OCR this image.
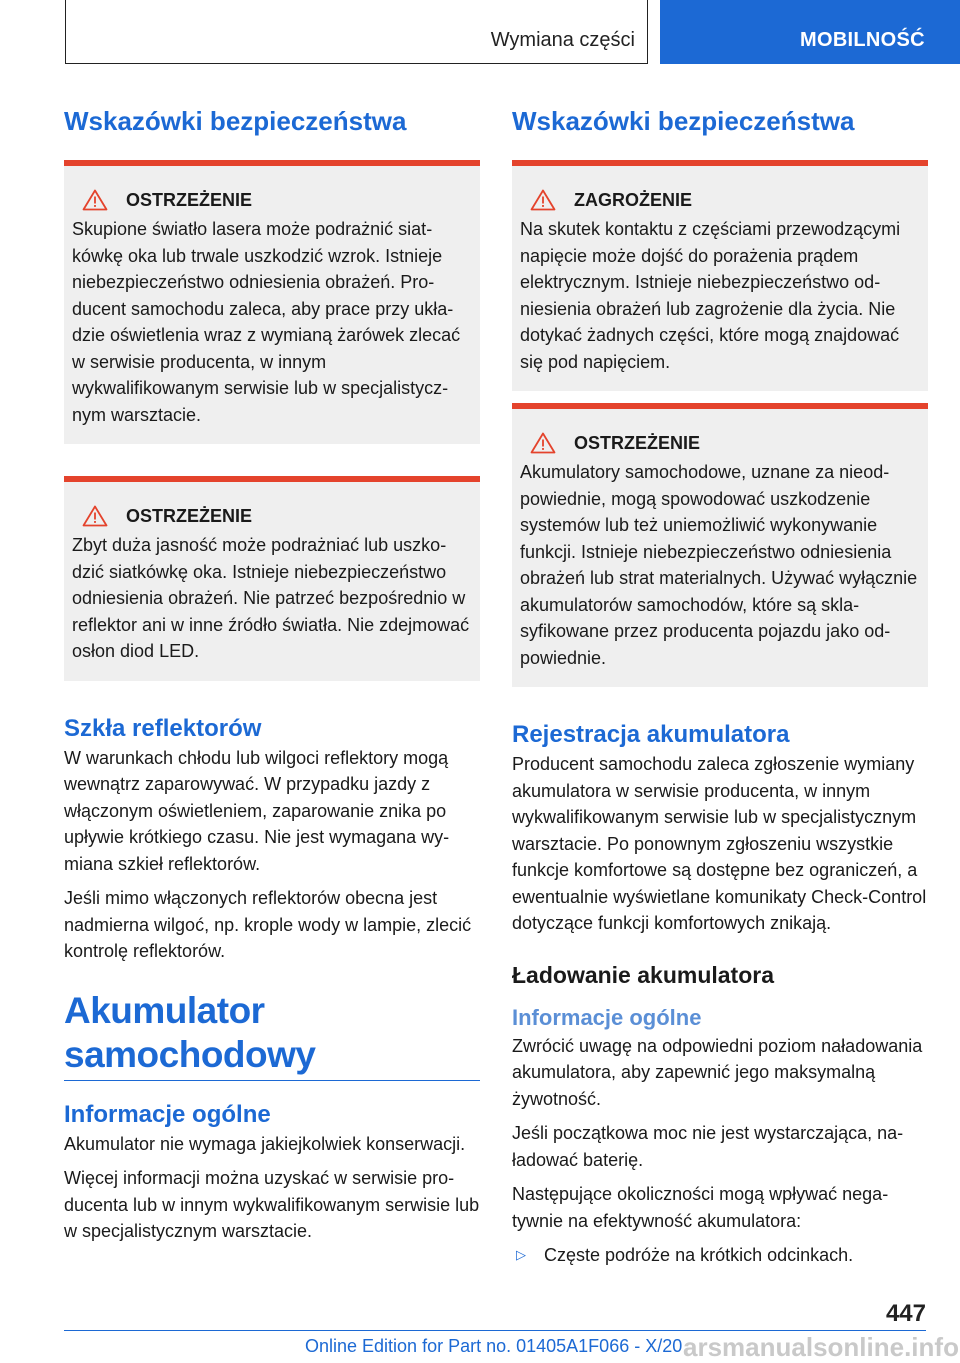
Wymiana części	MOBILNOŚĆ
Wskazówki bezpieczeństwa
OSTRZEŻENIE

Skupione światło lasera może podrażnić siatkówkę oka lub trwale uszkodzić wzrok. Istnieje niebezpieczeństwo odniesienia obrażeń. Producent samochodu zaleca, aby prace przy układzie oświetlenia wraz z wymianą żarówek zlecać w serwisie producenta, w innym wykwalifikowanym serwisie lub w specjalistycznym warsztacie.

OSTRZEŻENIE

Zbyt duża jasność może podrażniać lub uszkodzić siatkówkę oka. Istnieje niebezpieczeństwo odniesienia obrażeń. Nie patrzeć bezpośrednio w reflektor ani w inne źródło światła. Nie zdejmować osłon diod LED.

Szkła reflektorów

W warunkach chłodu lub wilgoci reflektory mogą wewnątrz zaparowywać. W przypadku jazdy z włączonym oświetleniem, zaparowanie znika po upływie krótkiego czasu. Nie jest wymagana wymiana szkieł reflektorów.

Jeśli mimo włączonych reflektorów obecna jest nadmierna wilgoć, np. krople wody w lampie, zlecić kontrolę reflektorów.

Akumulator samochodowy
Informacje ogólne

Akumulator nie wymaga jakiejkolwiek konserwacji.

Więcej informacji można uzyskać w serwisie producenta lub w innym wykwalifikowanym serwisie lub w specjalistycznym warsztacie.

Wskazówki bezpieczeństwa
ZAGROŻENIE

Na skutek kontaktu z częściami przewodzącymi napięcie może dojść do porażenia prądem elektrycznym. Istnieje niebezpieczeństwo odniesienia obrażeń lub zagrożenie dla życia. Nie dotykać żadnych części, które mogą znajdować się pod napięciem.

OSTRZEŻENIE

Akumulatory samochodowe, uznane za nieodpowiednie, mogą spowodować uszkodzenie systemów lub też uniemożliwić wykonywanie funkcji. Istnieje niebezpieczeństwo odniesienia obrażeń lub strat materialnych. Używać wyłącznie akumulatorów samochodów, które są sklasyfikowane przez producenta pojazdu jako odpowiednie.

Rejestracja akumulatora

Producent samochodu zaleca zgłoszenie wymiany akumulatora w serwisie producenta, w innym wykwalifikowanym serwisie lub w specjalistycznym warsztacie. Po ponownym zgłoszeniu wszystkie funkcje komfortowe są dostępne bez ograniczeń, a ewentualnie wyświetlane komunikaty Check-Control dotyczące funkcji komfortowych znikają.

Ładowanie akumulatora
Informacje ogólne

Zwrócić uwagę na odpowiedni poziom naładowania akumulatora, aby zapewnić jego maksymalną żywotność.

Jeśli początkowa moc nie jest wystarczająca, naładować baterię.

Następujące okoliczności mogą wpływać negatywnie na efektywność akumulatora:

▷	Częste podróże na krótkich odcinkach.
447
Online Edition for Part no. 01405A1F066 - X/20 arsmanualsonline.info
